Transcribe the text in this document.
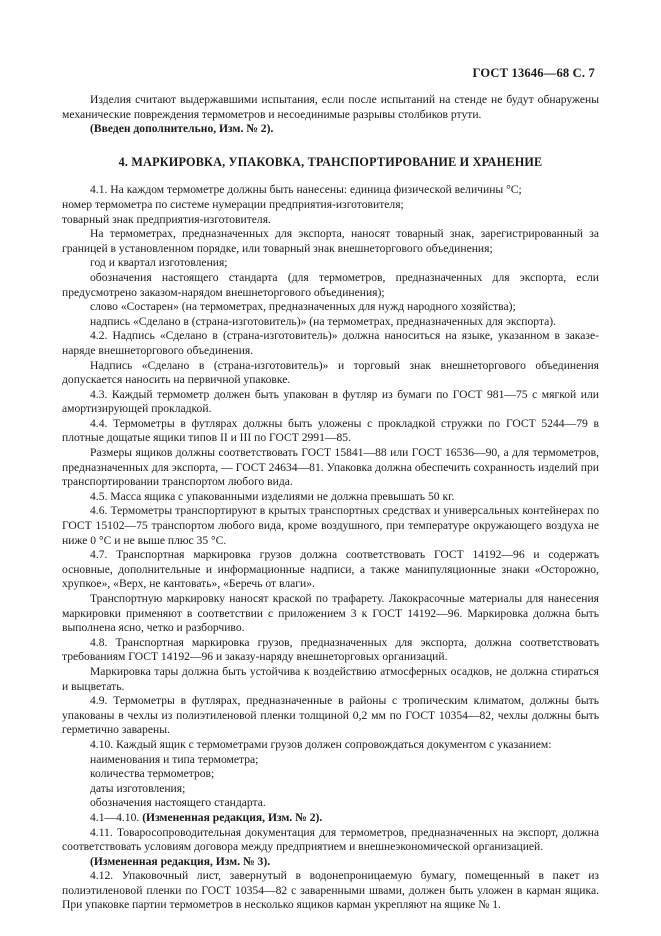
ГОСТ 13646—68 С. 7

Изделия считают выдержавшими испытания, если после испытаний на стенде не будут обнаружены механические повреждения термометров и несоединимые разрывы столбиков ртути.

(Введен дополнительно, Изм. № 2).

4. МАРКИРОВКА, УПАКОВКА, ТРАНСПОРТИРОВАНИЕ И ХРАНЕНИЕ

4.1. На каждом термометре должны быть нанесены: единица физической величины °С;

номер термометра по системе нумерации предприятия-изготовителя;

товарный знак предприятия-изготовителя.

На термометрах, предназначенных для экспорта, наносят товарный знак, зарегистрированный за границей в установленном порядке, или товарный знак внешнеторгового объединения;

год и квартал изготовления;

обозначения настоящего стандарта (для термометров, предназначенных для экспорта, если предусмотрено заказом-нарядом внешнеторгового объединения);

слово «Состарен» (на термометрах, предназначенных для нужд народного хозяйства);

надпись «Сделано в (страна-изготовитель)» (на термометрах, предназначенных для экспорта).

4.2. Надпись «Сделано в (страна-изготовитель)» должна наноситься на языке, указанном в заказе-наряде внешнеторгового объединения.

Надпись «Сделано в (страна-изготовитель)» и торговый знак внешнеторгового объединения допускается наносить на первичной упаковке.

4.3. Каждый термометр должен быть упакован в футляр из бумаги по ГОСТ 981—75 с мягкой или амортизирующей прокладкой.

4.4. Термометры в футлярах должны быть уложены с прокладкой стружки по ГОСТ 5244—79 в плотные дощатые ящики типов II и III по ГОСТ 2991—85.

Размеры ящиков должны соответствовать ГОСТ 15841—88 или ГОСТ 16536—90, а для термометров, предназначенных для экспорта, — ГОСТ 24634—81. Упаковка должна обеспечить сохранность изделий при транспортировании транспортом любого вида.

4.5. Масса ящика с упакованными изделиями не должна превышать 50 кг.

4.6. Термометры транспортируют в крытых транспортных средствах и универсальных контейнерах по ГОСТ 15102—75 транспортом любого вида, кроме воздушного, при температуре окружающего воздуха не ниже 0 °С и не выше плюс 35 °С.

4.7. Транспортная маркировка грузов должна соответствовать ГОСТ 14192—96 и содержать основные, дополнительные и информационные надписи, а также манипуляционные знаки «Осторожно, хрупкое», «Верх, не кантовать», «Беречь от влаги».

Транспортную маркировку наносят краской по трафарету. Лакокрасочные материалы для нанесения маркировки применяют в соответствии с приложением 3 к ГОСТ 14192—96. Маркировка должна быть выполнена ясно, четко и разборчиво.

4.8. Транспортная маркировка грузов, предназначенных для экспорта, должна соответствовать требованиям ГОСТ 14192—96 и заказу-наряду внешнеторговых организаций.

Маркировка тары должна быть устойчива к воздействию атмосферных осадков, не должна стираться и выцветать.

4.9. Термометры в футлярах, предназначенные в районы с тропическим климатом, должны быть упакованы в чехлы из полиэтиленовой пленки толщиной 0,2 мм по ГОСТ 10354—82, чехлы должны быть герметично заварены.

4.10. Каждый ящик с термометрами грузов должен сопровождаться документом с указанием:

наименования и типа термометра;

количества термометров;

даты изготовления;

обозначения настоящего стандарта.

4.1—4.10. (Измененная редакция, Изм. № 2).

4.11. Товаросопроводительная документация для термометров, предназначенных на экспорт, должна соответствовать условиям договора между предприятием и внешнеэкономической организацией.

(Измененная редакция, Изм. № 3).

4.12. Упаковочный лист, завернутый в водонепроницаемую бумагу, помещенный в пакет из полиэтиленовой пленки по ГОСТ 10354—82 с заваренными швами, должен быть уложен в карман ящика. При упаковке партии термометров в несколько ящиков карман укрепляют на ящике № 1.
